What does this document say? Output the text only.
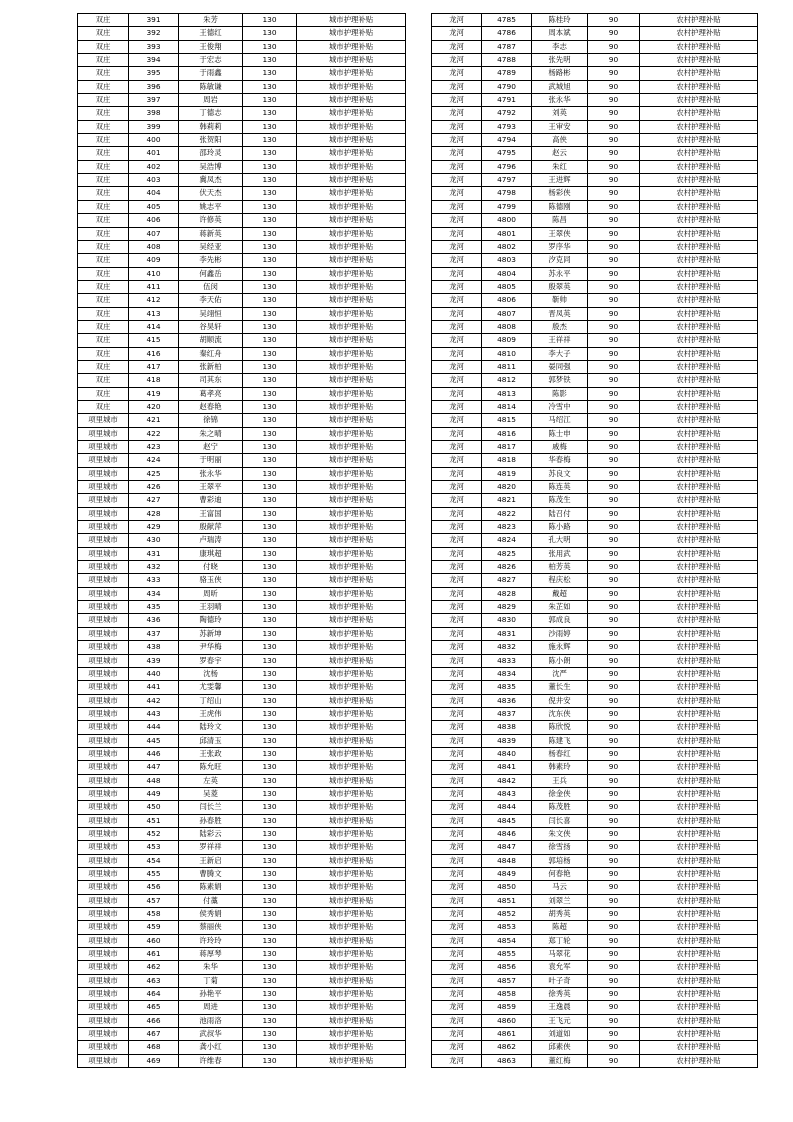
双庄	391	朱芳	130	城市护理补贴
双庄	392	王德红	130	城市护理补贴
双庄	393	王俊翔	130	城市护理补贴
双庄	394	于宏志	130	城市护理补贴
双庄	395	于雨鑫	130	城市护理补贴
双庄	396	陈敏谦	130	城市护理补贴
双庄	397	周岩	130	城市护理补贴
双庄	398	丁德志	130	城市护理补贴
双庄	399	韩莉莉	130	城市护理补贴
双庄	400	张贺阳	130	城市护理补贴
双庄	401	邵玲灵	130	城市护理补贴
双庄	402	吴浩博	130	城市护理补贴
双庄	403	冀凤杰	130	城市护理补贴
双庄	404	伏天杰	130	城市护理补贴
双庄	405	姚志平	130	城市护理补贴
双庄	406	许修英	130	城市护理补贴
双庄	407	蒋新英	130	城市护理补贴
双庄	408	吴经亚	130	城市护理补贴
双庄	409	李先彬	130	城市护理补贴
双庄	410	何鑫岳	130	城市护理补贴
双庄	411	伍闵	130	城市护理补贴
双庄	412	李天佑	130	城市护理补贴
双庄	413	吴翊恒	130	城市护理补贴
双庄	414	谷昊轩	130	城市护理补贴
双庄	415	胡顺流	130	城市护理补贴
双庄	416	秦红舟	130	城市护理补贴
双庄	417	张新柏	130	城市护理补贴
双庄	418	司其东	130	城市护理补贴
双庄	419	葛孝亮	130	城市护理补贴
双庄	420	赵春艳	130	城市护理补贴
项里城市	421	徐锦	130	城市护理补贴
项里城市	422	朱之晴	130	城市护理补贴
项里城市	423	赵宁	130	城市护理补贴
项里城市	424	于明丽	130	城市护理补贴
项里城市	425	张永华	130	城市护理补贴
项里城市	426	王翠平	130	城市护理补贴
项里城市	427	曹彩迪	130	城市护理补贴
项里城市	428	王富国	130	城市护理补贴
项里城市	429	殷献萍	130	城市护理补贴
项里城市	430	卢瑞涛	130	城市护理补贴
项里城市	431	康琪超	130	城市护理补贴
项里城市	432	付晓	130	城市护理补贴
项里城市	433	骆玉侠	130	城市护理补贴
项里城市	434	周昕	130	城市护理补贴
项里城市	435	王羽晴	130	城市护理补贴
项里城市	436	陶德玲	130	城市护理补贴
项里城市	437	苏新坤	130	城市护理补贴
项里城市	438	尹华梅	130	城市护理补贴
项里城市	439	罗春宇	130	城市护理补贴
项里城市	440	沈杨	130	城市护理补贴
项里城市	441	尤雯馨	130	城市护理补贴
项里城市	442	丁绍山	130	城市护理补贴
项里城市	443	王虎伟	130	城市护理补贴
项里城市	444	陆玲文	130	城市护理补贴
项里城市	445	邱清玉	130	城市护理补贴
项里城市	446	王张政	130	城市护理补贴
项里城市	447	陈允旺	130	城市护理补贴
项里城市	448	左英	130	城市护理补贴
项里城市	449	吴菱	130	城市护理补贴
项里城市	450	闫长兰	130	城市护理补贴
项里城市	451	孙春胜	130	城市护理补贴
项里城市	452	陆彩云	130	城市护理补贴
项里城市	453	罗祥祥	130	城市护理补贴
项里城市	454	王新启	130	城市护理补贴
项里城市	455	曹腾文	130	城市护理补贴
项里城市	456	陈素娟	130	城市护理补贴
项里城市	457	付藁	130	城市护理补贴
项里城市	458	侯秀娟	130	城市护理补贴
项里城市	459	蔡丽侠	130	城市护理补贴
项里城市	460	许玲玲	130	城市护理补贴
项里城市	461	蒋厚琴	130	城市护理补贴
项里城市	462	朱华	130	城市护理补贴
项里城市	463	丁菊	130	城市护理补贴
项里城市	464	孙艳平	130	城市护理补贴
项里城市	465	周进	130	城市护理补贴
项里城市	466	池雨洛	130	城市护理补贴
项里城市	467	武叔华	130	城市护理补贴
项里城市	468	龚小红	130	城市护理补贴
项里城市	469	许维春	130	城市护理补贴
龙河	4785	陈桂玲	90	农村护理补贴
龙河	4786	周本斌	90	农村护理补贴
龙河	4787	李志	90	农村护理补贴
龙河	4788	张先明	90	农村护理补贴
龙河	4789	杨路彬	90	农村护理补贴
龙河	4790	武城旭	90	农村护理补贴
龙河	4791	张永华	90	农村护理补贴
龙河	4792	刘英	90	农村护理补贴
龙河	4793	王审安	90	农村护理补贴
龙河	4794	高侠	90	农村护理补贴
龙河	4795	赵云	90	农村护理补贴
龙河	4796	朱红	90	农村护理补贴
龙河	4797	王进辉	90	农村护理补贴
龙河	4798	杨彩侠	90	农村护理补贴
龙河	4799	陈德刚	90	农村护理补贴
龙河	4800	陈昌	90	农村护理补贴
龙河	4801	王翠侠	90	农村护理补贴
龙河	4802	罗序华	90	农村护理补贴
龙河	4803	汐克同	90	农村护理补贴
龙河	4804	苏永平	90	农村护理补贴
龙河	4805	殷翠英	90	农村护理补贴
龙河	4806	靳帅	90	农村护理补贴
龙河	4807	晋凤英	90	农村护理补贴
龙河	4808	殷杰	90	农村护理补贴
龙河	4809	王祥祥	90	农村护理补贴
龙河	4810	李大子	90	农村护理补贴
龙河	4811	晏同强	90	农村护理补贴
龙河	4812	郭梦铁	90	农村护理补贴
龙河	4813	陈影	90	农村护理补贴
龙河	4814	冷雪中	90	农村护理补贴
龙河	4815	马绍江	90	农村护理补贴
龙河	4816	陈士申	90	农村护理补贴
龙河	4817	戚梅	90	农村护理补贴
龙河	4818	华春梅	90	农村护理补贴
龙河	4819	苏良文	90	农村护理补贴
龙河	4820	陈连英	90	农村护理补贴
龙河	4821	陈茂生	90	农村护理补贴
龙河	4822	陆召付	90	农村护理补贴
龙河	4823	陈小路	90	农村护理补贴
龙河	4824	孔大明	90	农村护理补贴
龙河	4825	张用武	90	农村护理补贴
龙河	4826	柏芳英	90	农村护理补贴
龙河	4827	程庆松	90	农村护理补贴
龙河	4828	戴超	90	农村护理补贴
龙河	4829	朱芷如	90	农村护理补贴
龙河	4830	郭成良	90	农村护理补贴
龙河	4831	沙雨婷	90	农村护理补贴
龙河	4832	施永辉	90	农村护理补贴
龙河	4833	陈小朗	90	农村护理补贴
龙河	4834	沈严	90	农村护理补贴
龙河	4835	董长生	90	农村护理补贴
龙河	4836	倪井安	90	农村护理补贴
龙河	4837	沈东侠	90	农村护理补贴
龙河	4838	陈欣悦	90	农村护理补贴
龙河	4839	陈建飞	90	农村护理补贴
龙河	4840	杨春红	90	农村护理补贴
龙河	4841	韩素玲	90	农村护理补贴
龙河	4842	王兵	90	农村护理补贴
龙河	4843	徐金侠	90	农村护理补贴
龙河	4844	陈茂胜	90	农村护理补贴
龙河	4845	闫长喜	90	农村护理补贴
龙河	4846	朱文侠	90	农村护理补贴
龙河	4847	徐雪扬	90	农村护理补贴
龙河	4848	郭培杨	90	农村护理补贴
龙河	4849	何春艳	90	农村护理补贴
龙河	4850	马云	90	农村护理补贴
龙河	4851	刘翠兰	90	农村护理补贴
龙河	4852	胡秀英	90	农村护理补贴
龙河	4853	陈超	90	农村护理补贴
龙河	4854	郑丁轮	90	农村护理补贴
龙河	4855	马翠花	90	农村护理补贴
龙河	4856	袁允军	90	农村护理补贴
龙河	4857	叶子奇	90	农村护理补贴
龙河	4858	徐秀英	90	农村护理补贴
龙河	4859	王逸晨	90	农村护理补贴
龙河	4860	王飞元	90	农村护理补贴
龙河	4861	刘道如	90	农村护理补贴
龙河	4862	邱素侠	90	农村护理补贴
龙河	4863	董红梅	90	农村护理补贴
